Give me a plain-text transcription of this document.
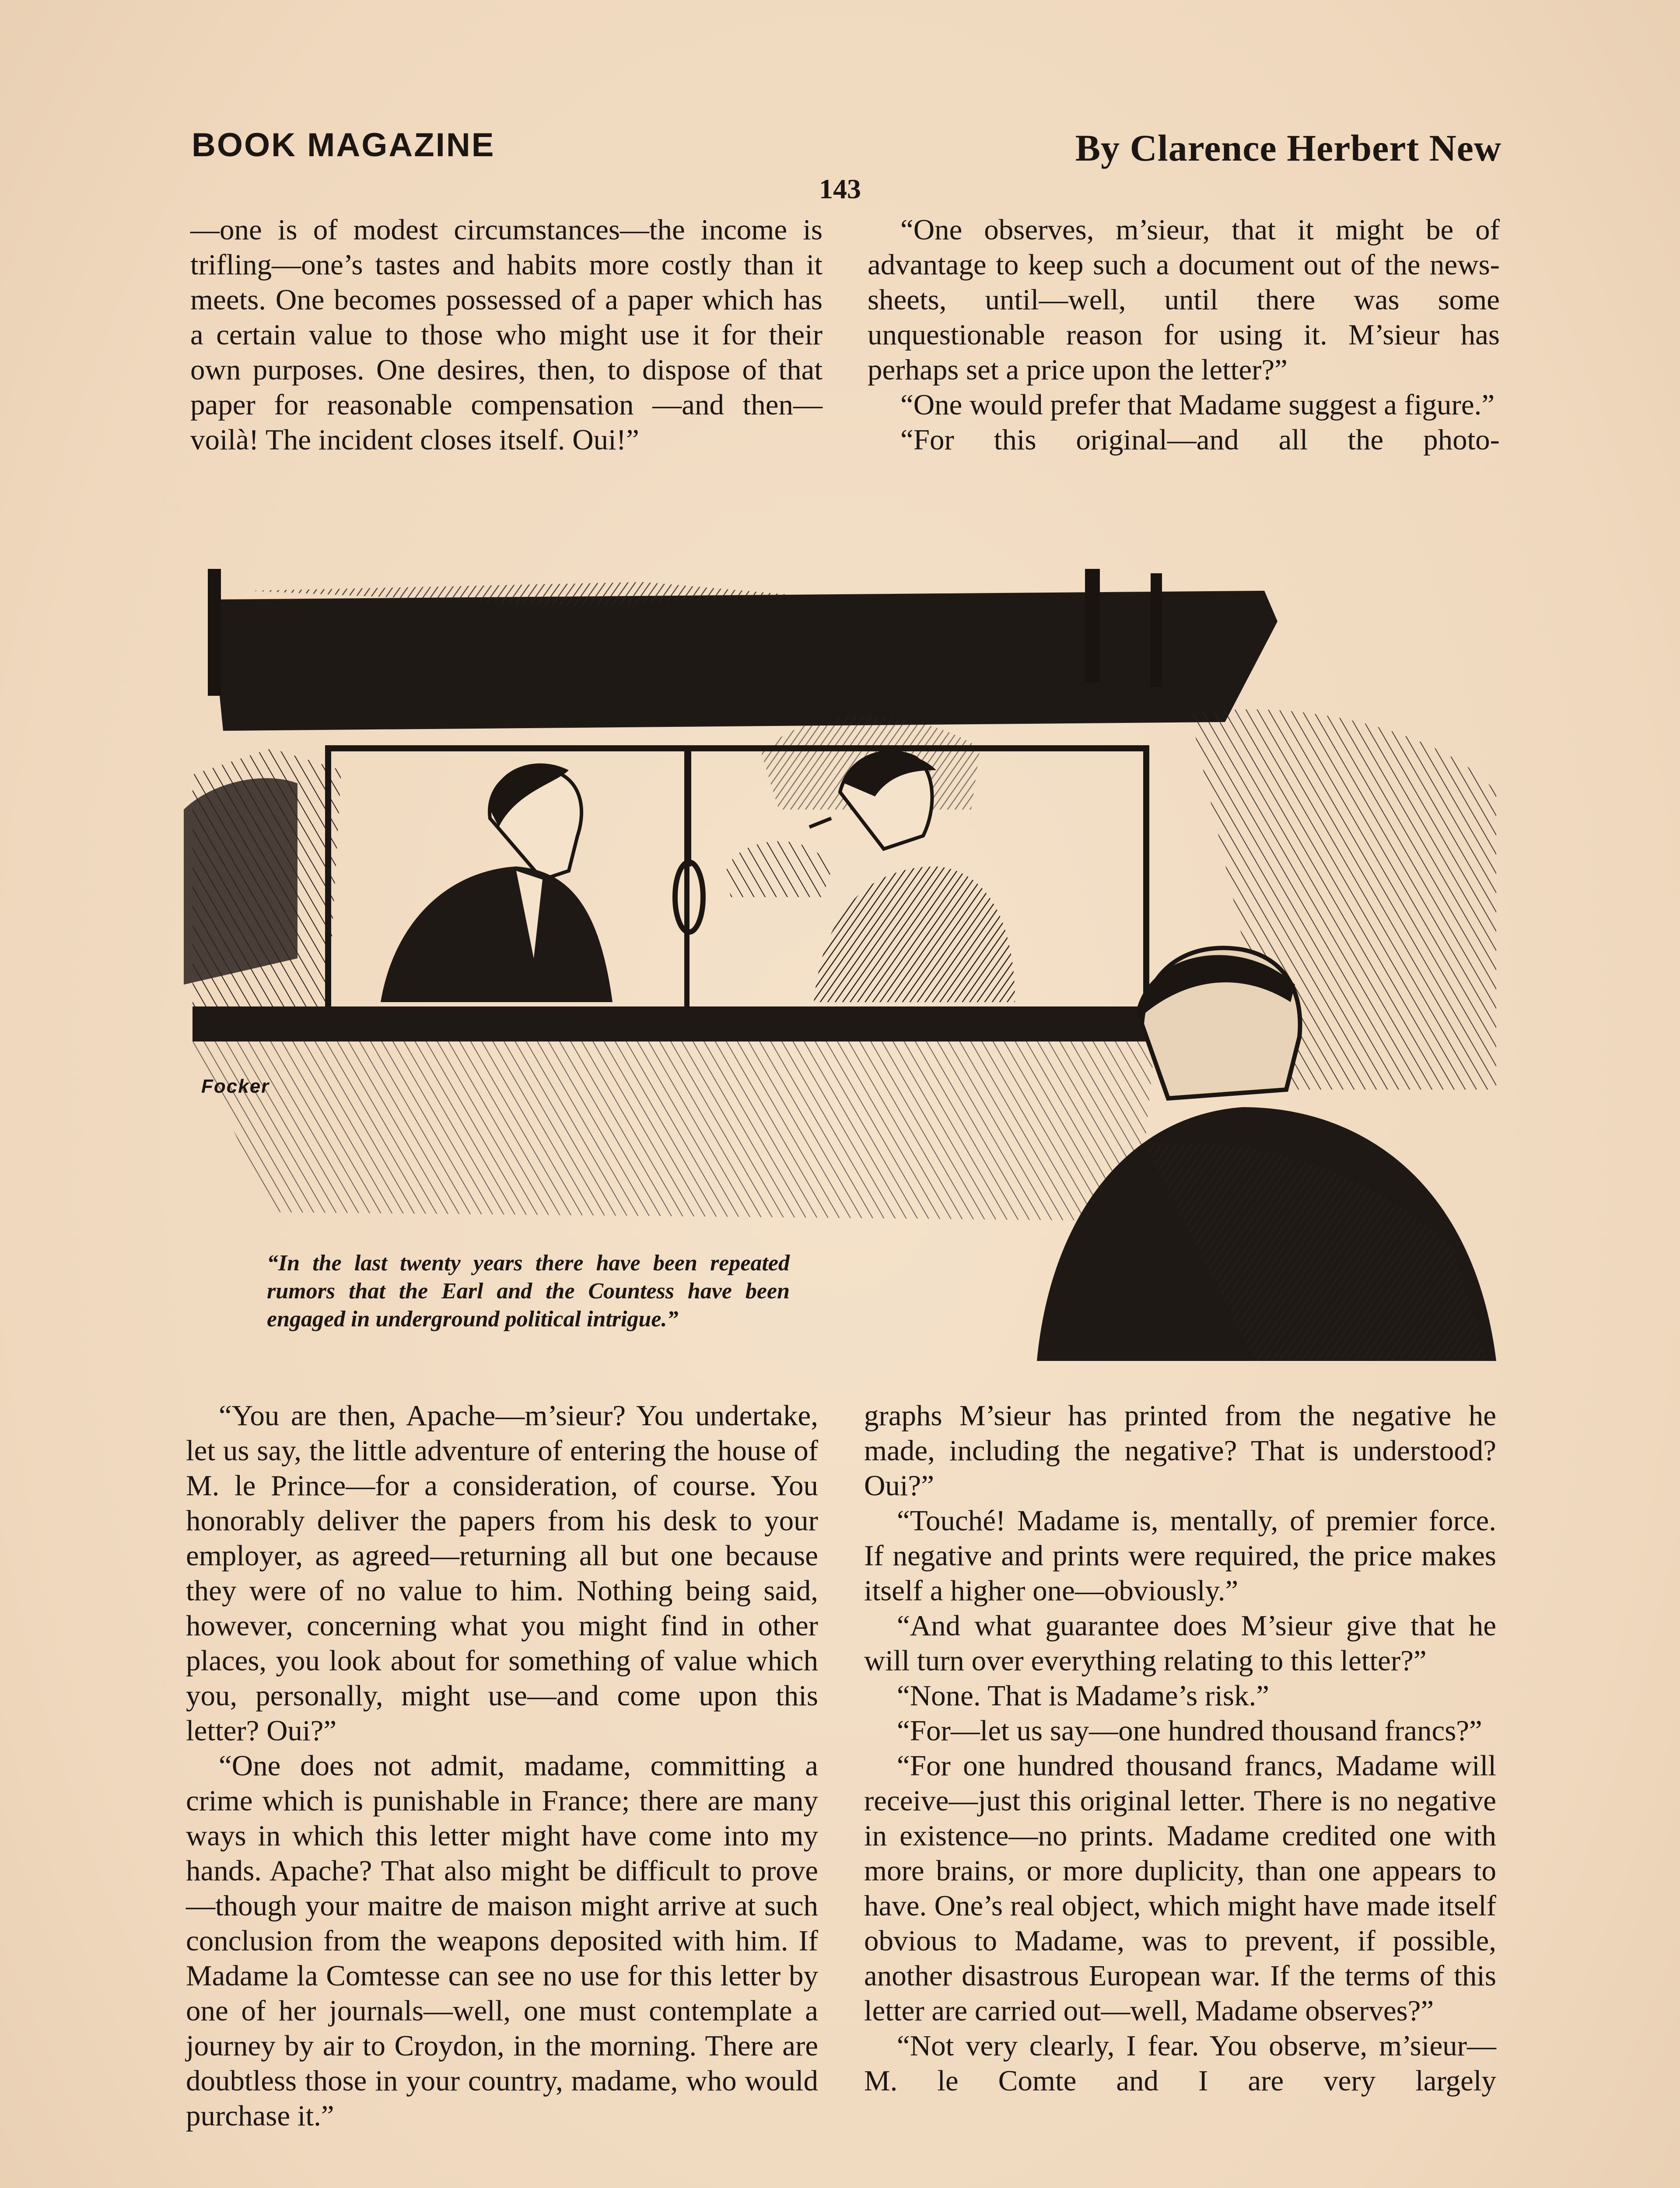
BOOK MAGAZINE	By Clarence Herbert New
143

—one is of modest circumstances—the income is trifling—one’s tastes and habits more costly than it meets. One becomes possessed of a paper which has a certain value to those who might use it for their own purposes. One desires, then, to dispose of that paper for reasonable compensation —and then—voilà! The incident closes itself. Oui!”

“One observes, m’sieur, that it might be of advantage to keep such a document out of the news-sheets, until—well, until there was some unquestionable reason for using it. M’sieur has perhaps set a price upon the letter?”

“One would prefer that Madame suggest a figure.”

“For this original—and all the photo-

Focker
“In the last twenty years there have been repeated rumors that the Earl and the Countess have been engaged in underground political intrigue.”

“You are then, Apache—m’sieur? You undertake, let us say, the little adventure of entering the house of M. le Prince—for a consideration, of course. You honorably deliver the papers from his desk to your employer, as agreed—returning all but one because they were of no value to him. Nothing being said, however, concerning what you might find in other places, you look about for something of value which you, personally, might use—and come upon this letter? Oui?”

“One does not admit, madame, committing a crime which is punishable in France; there are many ways in which this letter might have come into my hands. Apache? That also might be difficult to prove—though your maitre de maison might arrive at such conclusion from the weapons deposited with him. If Madame la Comtesse can see no use for this letter by one of her journals—well, one must contemplate a journey by air to Croydon, in the morning. There are doubtless those in your country, madame, who would purchase it.”

graphs M’sieur has printed from the negative he made, including the negative? That is understood? Oui?”

“Touché! Madame is, mentally, of premier force. If negative and prints were required, the price makes itself a higher one—obviously.”

“And what guarantee does M’sieur give that he will turn over everything relating to this letter?”

“None. That is Madame’s risk.”

“For—let us say—one hundred thousand francs?”

“For one hundred thousand francs, Madame will receive—just this original letter. There is no negative in existence—no prints. Madame credited one with more brains, or more duplicity, than one appears to have. One’s real object, which might have made itself obvious to Madame, was to prevent, if possible, another disastrous European war. If the terms of this letter are carried out—well, Madame observes?”

“Not very clearly, I fear. You observe, m’sieur—M. le Comte and I are very largely
